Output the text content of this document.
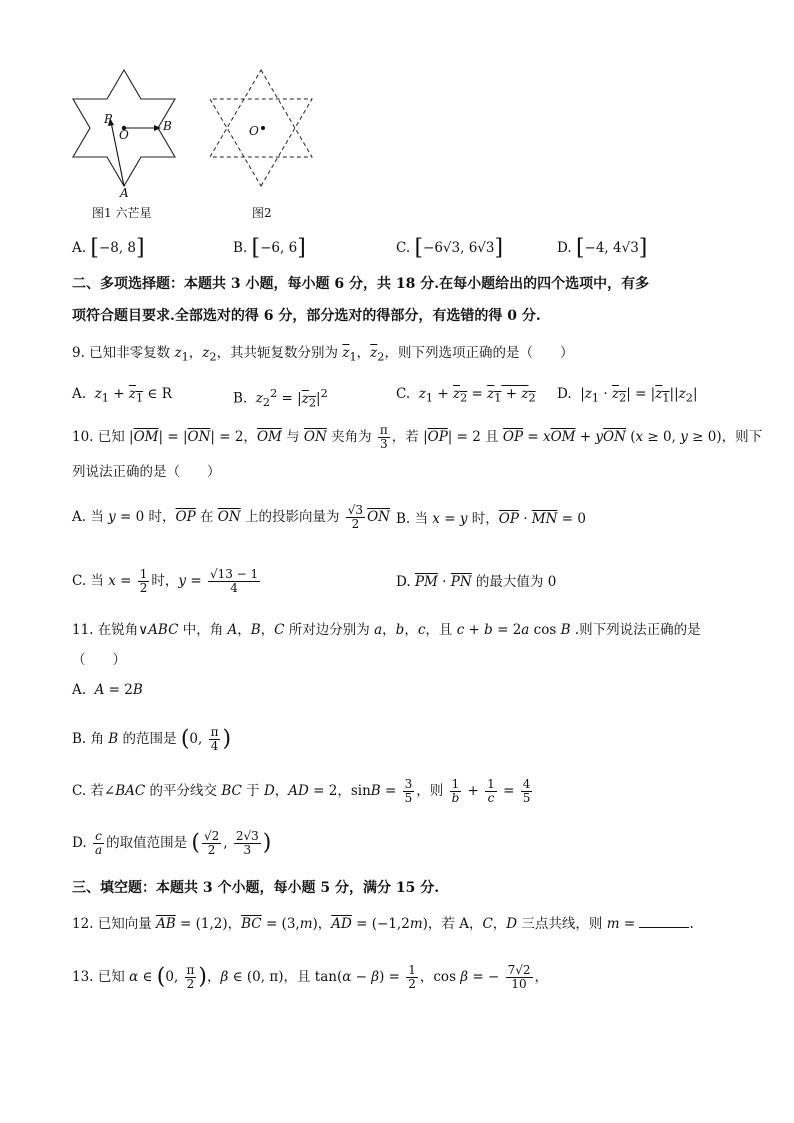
P
O
B
A
图1 六芒星
O
图2
A. [−8, 8]	B. [−6, 6]	C. [−6√3, 6√3]	D. [−4, 4√3]
二、多项选择题：本题共 3 小题，每小题 6 分，共 18 分.在每小题给出的四个选项中，有多
项符合题目要求.全部选对的得 6 分，部分选对的得部分，有选错的得 0 分.
9. 已知非零复数 $z_1$，$z_2$，其共轭复数分别为 $\overline{z}_1$，$\overline{z}_2$，则下列选项正确的是（　　）
A.  $z_1 + z_1$ ∈ R	B.  $z_2^2 = |z_2|^2$	C.  $z_1 + z_2 = z_1 + z_2$ D.  $|z_1 \cdot z_2| = |z_1||z_2|$
10. 已知 $|\overline{OM}| = |\overline{ON}| = 2$，$\overline{OM}$ 与 $\overline{ON}$ 夹角为 $\frac{\pi}{3}$ ，若 $|\overline{OP}| = 2$ 且 $\overline{OP} = x\overline{OM} + y\overline{ON}$ (x ≥ 0, y ≥ 0)，则下
列说法正确的是（　　）
A. 当 y = 0 时，$\overline{OP}$ 在 $\overline{ON}$ 上的投影向量为 $\frac{√3}{2} \overline{ON}$ B. 当 x = y 时，$\overline{OP} \cdot \overline{MN} = 0$
C. 当 $x = \frac{1}{2}$ 时，$y = \frac{√13 - 1}{4}$	D. $\overline{PM} \cdot \overline{PN}$ 的最大值为 0
11. 在锐角∨ABC 中，角 A，B，C 所对边分别为 a，b，c，且 c + b = 2a cos B .则下列说法正确的是
（　　）
A.  A = 2B
B. 角 B 的范围是 (0, $\frac{\pi}{4}$ )
C. 若∠BAC 的平分线交 BC 于 D，AD = 2，$\sin B = \frac{3}{5}$ ，则 $\frac{1}{b} + \frac{1}{c} = \frac{4}{5}$
D. $\frac{c}{a}$ 的取值范围是 ( $\frac{√2}{2}$ , $\frac{2√3}{3}$ )
三、填空题：本题共 3 个小题，每小题 5 分，满分 15 分.
12. 已知向量 $\overline{AB} = (1,2)$，$\overline{BC} = (3,m)$，$\overline{AD} = (-1,2m)$，若 A，C，D 三点共线，则 m =	.
13. 已知 α ∈ (0, $\frac{\pi}{2}$ )，β ∈ (0, π)，且 $\tan(\alpha - \beta) = \frac{1}{2}$ ，cos β = − $\frac{7√2}{10}$ ，
